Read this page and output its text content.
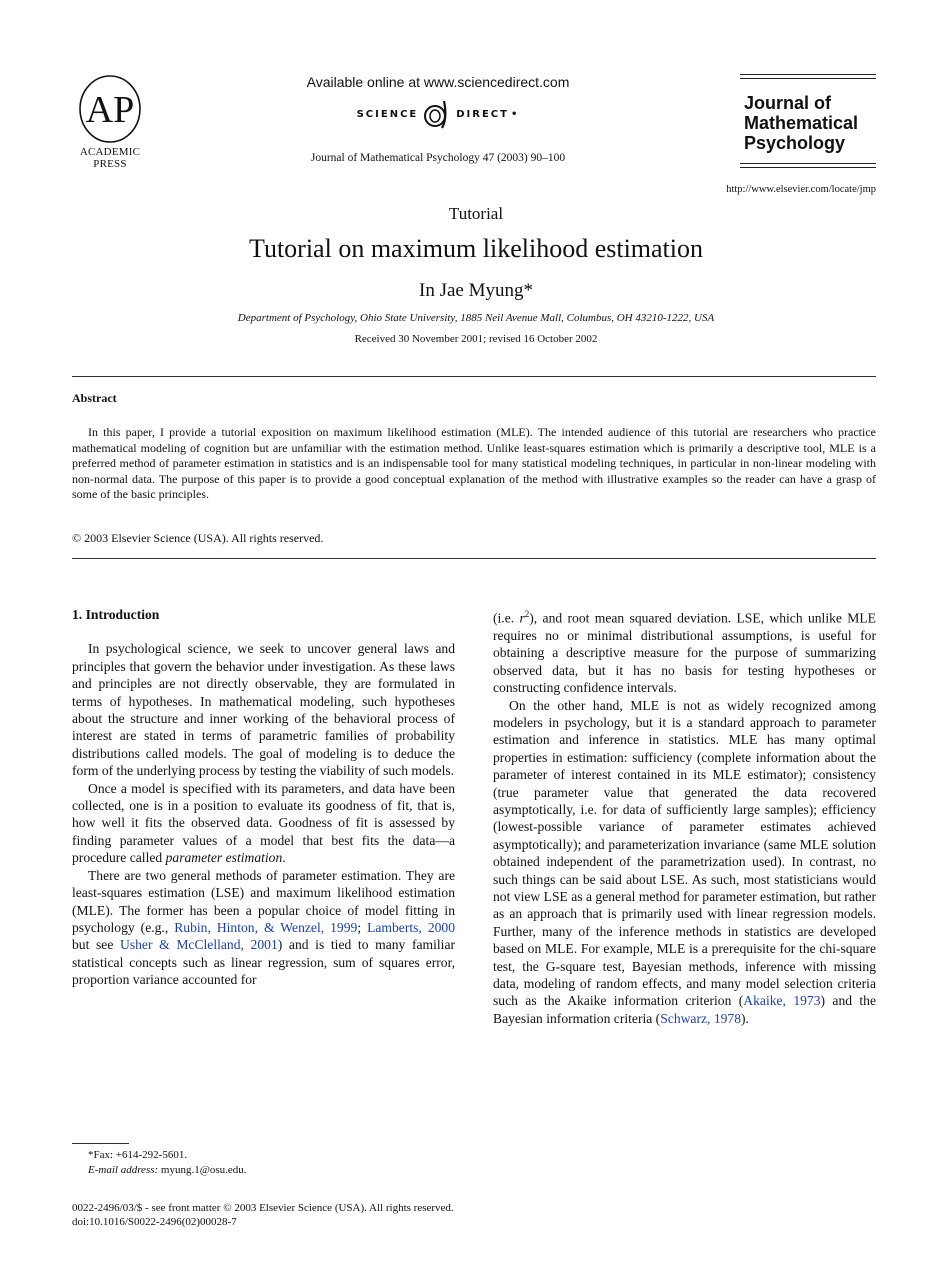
AP
ACADEMIC
PRESS
Available online at www.sciencedirect.com
SCIENCE	DIRECT •
Journal of Mathematical Psychology 47 (2003) 90–100
Journal of
Mathematical
Psychology
http://www.elsevier.com/locate/jmp
Tutorial
Tutorial on maximum likelihood estimation
In Jae Myung*
Department of Psychology, Ohio State University, 1885 Neil Avenue Mall, Columbus, OH 43210-1222, USA
Received 30 November 2001; revised 16 October 2002
Abstract

In this paper, I provide a tutorial exposition on maximum likelihood estimation (MLE). The intended audience of this tutorial are researchers who practice mathematical modeling of cognition but are unfamiliar with the estimation method. Unlike least-squares estimation which is primarily a descriptive tool, MLE is a preferred method of parameter estimation in statistics and is an indispensable tool for many statistical modeling techniques, in particular in non-linear modeling with non-normal data. The purpose of this paper is to provide a good conceptual explanation of the method with illustrative examples so the reader can have a grasp of some of the basic principles.

© 2003 Elsevier Science (USA). All rights reserved.
1. Introduction

In psychological science, we seek to uncover general laws and principles that govern the behavior under investigation. As these laws and principles are not directly observable, they are formulated in terms of hypotheses. In mathematical modeling, such hypotheses about the structure and inner working of the behavioral process of interest are stated in terms of parametric families of probability distributions called models. The goal of modeling is to deduce the form of the underlying process by testing the viability of such models.

Once a model is specified with its parameters, and data have been collected, one is in a position to evaluate its goodness of fit, that is, how well it fits the observed data. Goodness of fit is assessed by finding parameter values of a model that best fits the data—a procedure called parameter estimation.

There are two general methods of parameter estimation. They are least-squares estimation (LSE) and maximum likelihood estimation (MLE). The former has been a popular choice of model fitting in psychology (e.g., Rubin, Hinton, & Wenzel, 1999; Lamberts, 2000 but see Usher & McClelland, 2001) and is tied to many familiar statistical concepts such as linear regression, sum of squares error, proportion variance accounted for

(i.e. $r^2$), and root mean squared deviation. LSE, which unlike MLE requires no or minimal distributional assumptions, is useful for obtaining a descriptive measure for the purpose of summarizing observed data, but it has no basis for testing hypotheses or constructing confidence intervals.

On the other hand, MLE is not as widely recognized among modelers in psychology, but it is a standard approach to parameter estimation and inference in statistics. MLE has many optimal properties in estimation: sufficiency (complete information about the parameter of interest contained in its MLE estimator); consistency (true parameter value that generated the data recovered asymptotically, i.e. for data of sufficiently large samples); efficiency (lowest-possible variance of parameter estimates achieved asymptotically); and parameterization invariance (same MLE solution obtained independent of the parametrization used). In contrast, no such things can be said about LSE. As such, most statisticians would not view LSE as a general method for parameter estimation, but rather as an approach that is primarily used with linear regression models. Further, many of the inference methods in statistics are developed based on MLE. For example, MLE is a prerequisite for the chi-square test, the G-square test, Bayesian methods, inference with missing data, modeling of random effects, and many model selection criteria such as the Akaike information criterion (Akaike, 1973) and the Bayesian information criteria (Schwarz, 1978).

*Fax: +614-292-5601.
E-mail address: myung.1@osu.edu.
0022-2496/03/$ - see front matter © 2003 Elsevier Science (USA). All rights reserved.
doi:10.1016/S0022-2496(02)00028-7
